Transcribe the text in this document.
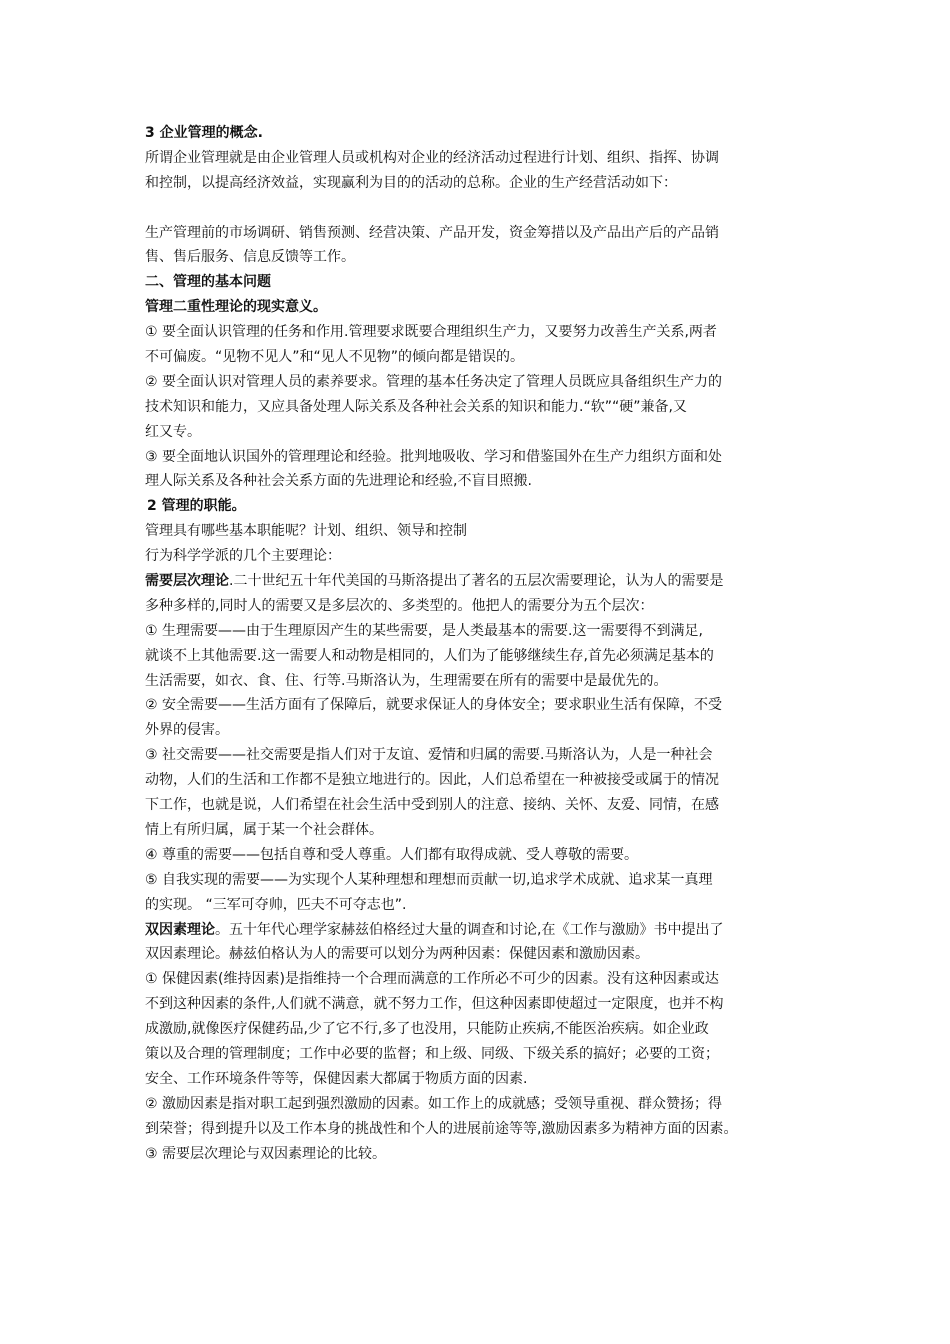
3 企业管理的概念.
所谓企业管理就是由企业管理人员或机构对企业的经济活动过程进行计划、组织、指挥、协调
和控制，以提高经济效益，实现赢利为目的的活动的总称。企业的生产经营活动如下：
生产管理前的市场调研、销售预测、经营决策、产品开发，资金筹措以及产品出产后的产品销
售、售后服务、信息反馈等工作。
二、管理的基本问题
管理二重性理论的现实意义。
① 要全面认识管理的任务和作用.管理要求既要合理组织生产力，又要努力改善生产关系,两者
不可偏废。“见物不见人”和“见人不见物”的倾向都是错误的。
② 要全面认识对管理人员的素养要求。管理的基本任务决定了管理人员既应具备组织生产力的
技术知识和能力，又应具备处理人际关系及各种社会关系的知识和能力.“软”“硬”兼备,又
红又专。
③ 要全面地认识国外的管理理论和经验。批判地吸收、学习和借鉴国外在生产力组织方面和处
理人际关系及各种社会关系方面的先进理论和经验,不盲目照搬.
2 管理的职能。
管理具有哪些基本职能呢？计划、组织、领导和控制
行为科学学派的几个主要理论：
需要层次理论.二十世纪五十年代美国的马斯洛提出了著名的五层次需要理论，认为人的需要是
多种多样的,同时人的需要又是多层次的、多类型的。他把人的需要分为五个层次：
① 生理需要——由于生理原因产生的某些需要，是人类最基本的需要.这一需要得不到满足,
就谈不上其他需要.这一需要人和动物是相同的，人们为了能够继续生存,首先必须满足基本的
生活需要，如衣、食、住、行等.马斯洛认为，生理需要在所有的需要中是最优先的。
② 安全需要——生活方面有了保障后，就要求保证人的身体安全；要求职业生活有保障，不受
外界的侵害。
③ 社交需要——社交需要是指人们对于友谊、爱情和归属的需要.马斯洛认为，人是一种社会
动物，人们的生活和工作都不是独立地进行的。因此，人们总希望在一种被接受或属于的情况
下工作，也就是说，人们希望在社会生活中受到别人的注意、接纳、关怀、友爱、同情，在感
情上有所归属，属于某一个社会群体。
④ 尊重的需要——包括自尊和受人尊重。人们都有取得成就、受人尊敬的需要。
⑤ 自我实现的需要——为实现个人某种理想和理想而贡献一切,追求学术成就、追求某一真理
的实现。 “三军可夺帅，匹夫不可夺志也”.
双因素理论。五十年代心理学家赫兹伯格经过大量的调查和讨论,在《工作与激励》书中提出了
双因素理论。赫兹伯格认为人的需要可以划分为两种因素：保健因素和激励因素。
① 保健因素(维持因素)是指维持一个合理而满意的工作所必不可少的因素。没有这种因素或达
不到这种因素的条件,人们就不满意，就不努力工作，但这种因素即使超过一定限度，也并不构
成激励,就像医疗保健药品,少了它不行,多了也没用，只能防止疾病,不能医治疾病。如企业政
策以及合理的管理制度；工作中必要的监督；和上级、同级、下级关系的搞好；必要的工资；
安全、工作环境条件等等，保健因素大都属于物质方面的因素.
② 激励因素是指对职工起到强烈激励的因素。如工作上的成就感；受领导重视、群众赞扬；得
到荣誉；得到提升以及工作本身的挑战性和个人的进展前途等等,激励因素多为精神方面的因素。
③ 需要层次理论与双因素理论的比较。
